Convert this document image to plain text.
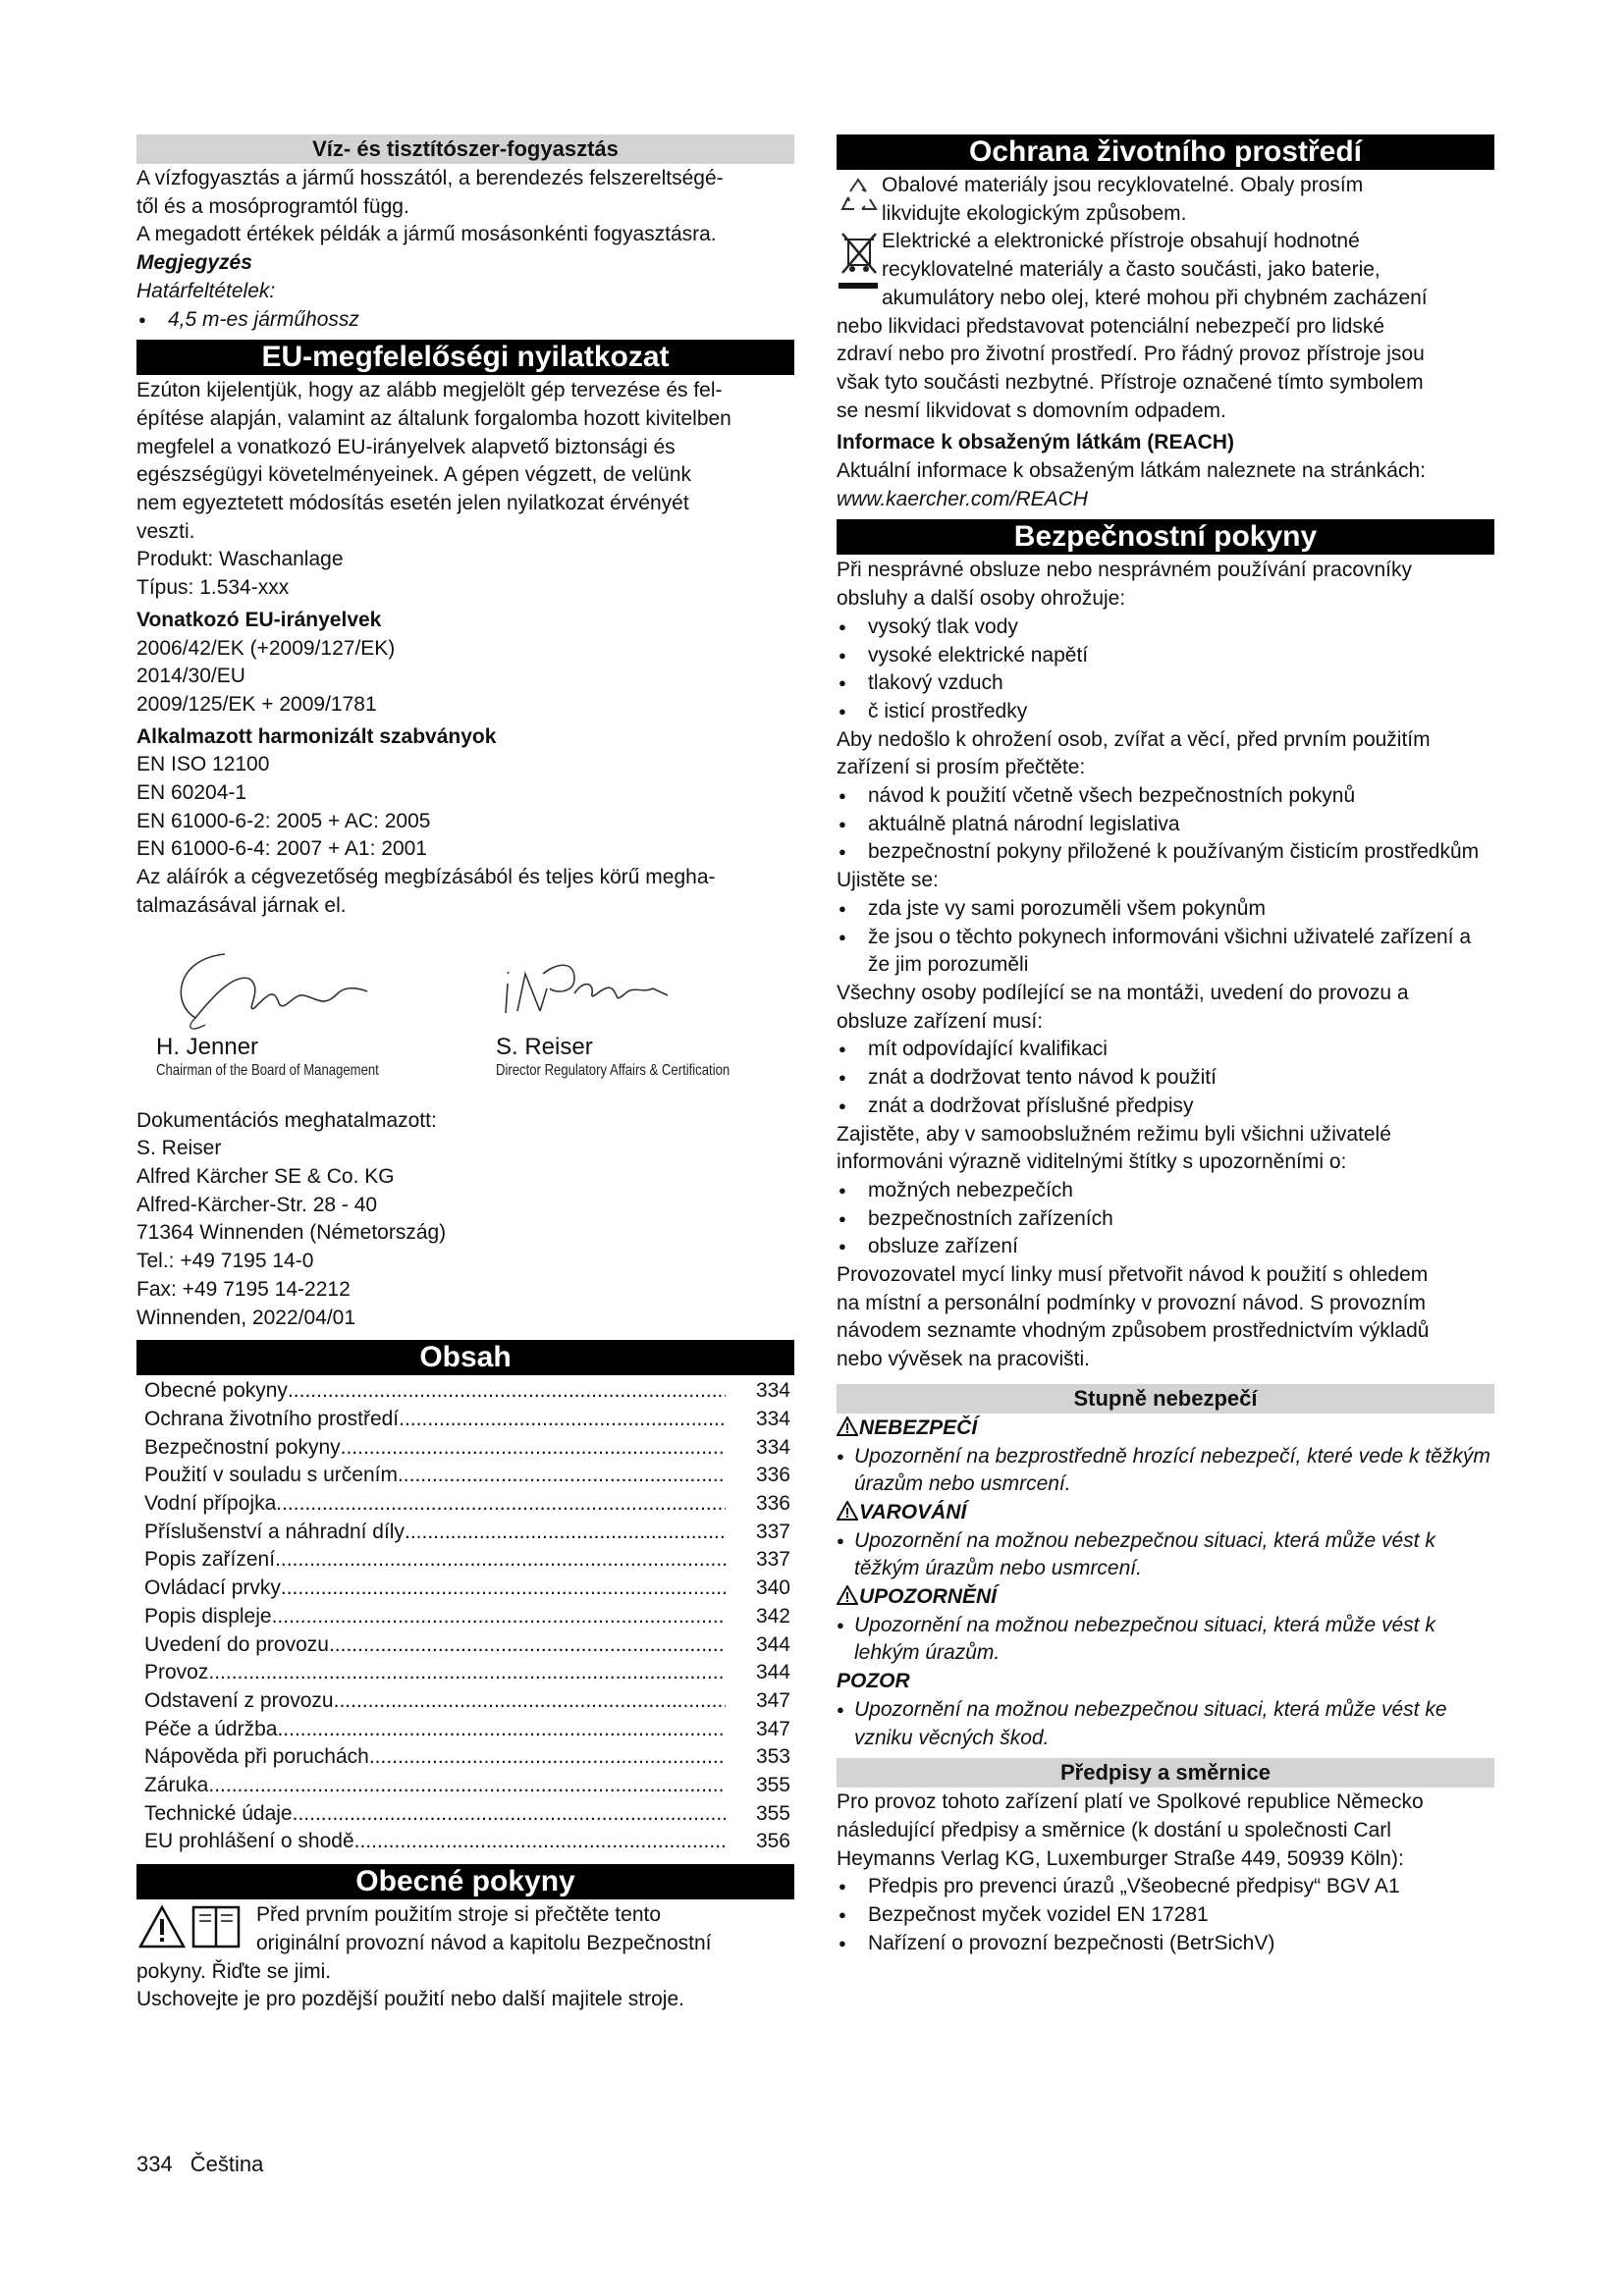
Víz- és tisztítószer-fogyasztás

A vízfogyasztás a jármű hosszától, a berendezés felszereltségé-

től és a mosóprogramtól függ.

A megadott értékek példák a jármű mosásonkénti fogyasztásra.

Megjegyzés

Határfeltételek:

● 4,5 m-es járműhossz
EU-megfelelőségi nyilatkozat

Ezúton kijelentjük, hogy az alább megjelölt gép tervezése és fel-

építése alapján, valamint az általunk forgalomba hozott kivitelben

megfelel a vonatkozó EU-irányelvek alapvető biztonsági és

egészségügyi követelményeinek. A gépen végzett, de velünk

nem egyeztetett módosítás esetén jelen nyilatkozat érvényét

veszti.

Produkt: Waschanlage

Típus: 1.534-xxx

Vonatkozó EU-irányelvek

2006/42/EK (+2009/127/EK)

2014/30/EU

2009/125/EK + 2009/1781

Alkalmazott harmonizált szabványok

EN ISO 12100

EN 60204-1

EN 61000-6-2: 2005 + AC: 2005

EN 61000-6-4: 2007 + A1: 2001

Az aláírók a cégvezetőség megbízásából és teljes körű megha-

talmazásával járnak el.

H. Jenner
Chairman of the Board of Management
S. Reiser
Director Regulatory Affairs & Certification

Dokumentációs meghatalmazott:

S. Reiser

Alfred Kärcher SE & Co. KG

Alfred-Kärcher-Str. 28 - 40

71364 Winnenden (Németország)

Tel.: +49 7195 14-0

Fax: +49 7195 14-2212

Winnenden, 2022/04/01

Obsah
Obecné pokyny .....	334
Ochrana životního prostředí .....	334
Bezpečnostní pokyny .....	334
Použití v souladu s určením .....	336
Vodní přípojka .....	336
Příslušenství a náhradní díly .....	337
Popis zařízení .....	337
Ovládací prvky .....	340
Popis displeje .....	342
Uvedení do provozu .....	344
Provoz .....	344
Odstavení z provozu .....	347
Péče a údržba .....	347
Nápověda při poruchách .....	353
Záruka .....	355
Technické údaje .....	355
EU prohlášení o shodě .....	356
Obecné pokyny

Před prvním použitím stroje si přečtěte tento

originální provozní návod a kapitolu Bezpečnostní

pokyny. Řiďte se jimi.

Uschovejte je pro pozdější použití nebo další majitele stroje.

Ochrana životního prostředí

Obalové materiály jsou recyklovatelné. Obaly prosím

likvidujte ekologickým způsobem.

Elektrické a elektronické přístroje obsahují hodnotné

recyklovatelné materiály a často součásti, jako baterie,

akumulátory nebo olej, které mohou při chybném zacházení

nebo likvidaci představovat potenciální nebezpečí pro lidské

zdraví nebo pro životní prostředí. Pro řádný provoz přístroje jsou

však tyto součásti nezbytné. Přístroje označené tímto symbolem

se nesmí likvidovat s domovním odpadem.

Informace k obsaženým látkám (REACH)

Aktuální informace k obsaženým látkám naleznete na stránkách:

www.kaercher.com/REACH

Bezpečnostní pokyny

Při nesprávné obsluze nebo nesprávném používání pracovníky

obsluhy a další osoby ohrožuje:

● vysoký tlak vody
● vysoké elektrické napětí
● tlakový vzduch
● č isticí prostředky

Aby nedošlo k ohrožení osob, zvířat a věcí, před prvním použitím

zařízení si prosím přečtěte:

● návod k použití včetně všech bezpečnostních pokynů
● aktuálně platná národní legislativa
● bezpečnostní pokyny přiložené k používaným čisticím prostředkům

Ujistěte se:

● zda jste vy sami porozuměli všem pokynům
● že jsou o těchto pokynech informováni všichni uživatelé zařízení a že jim porozuměli

Všechny osoby podílející se na montáži, uvedení do provozu a

obsluze zařízení musí:

● mít odpovídající kvalifikaci
● znát a dodržovat tento návod k použití
● znát a dodržovat příslušné předpisy

Zajistěte, aby v samoobslužném režimu byli všichni uživatelé

informováni výrazně viditelnými štítky s upozorněními o:

● možných nebezpečích
● bezpečnostních zařízeních
● obsluze zařízení

Provozovatel mycí linky musí přetvořit návod k použití s ohledem

na místní a personální podmínky v provozní návod. S provozním

návodem seznamte vhodným způsobem prostřednictvím výkladů

nebo vývěsek na pracovišti.

Stupně nebezpečí

NEBEZPEČÍ

● Upozornění na bezprostředně hrozící nebezpečí, které vede k těžkým úrazům nebo usmrcení.

VAROVÁNÍ

● Upozornění na možnou nebezpečnou situaci, která může vést k těžkým úrazům nebo usmrcení.

UPOZORNĚNÍ

● Upozornění na možnou nebezpečnou situaci, která může vést k lehkým úrazům.

POZOR

● Upozornění na možnou nebezpečnou situaci, která může vést ke vzniku věcných škod.
Předpisy a směrnice

Pro provoz tohoto zařízení platí ve Spolkové republice Německo

následující předpisy a směrnice (k dostání u společnosti Carl

Heymanns Verlag KG, Luxemburger Straße 449, 50939 Köln):

● Předpis pro prevenci úrazů „Všeobecné předpisy“ BGV A1
● Bezpečnost myček vozidel EN 17281
● Nařízení o provozní bezpečnosti (BetrSichV)
334 Čeština
